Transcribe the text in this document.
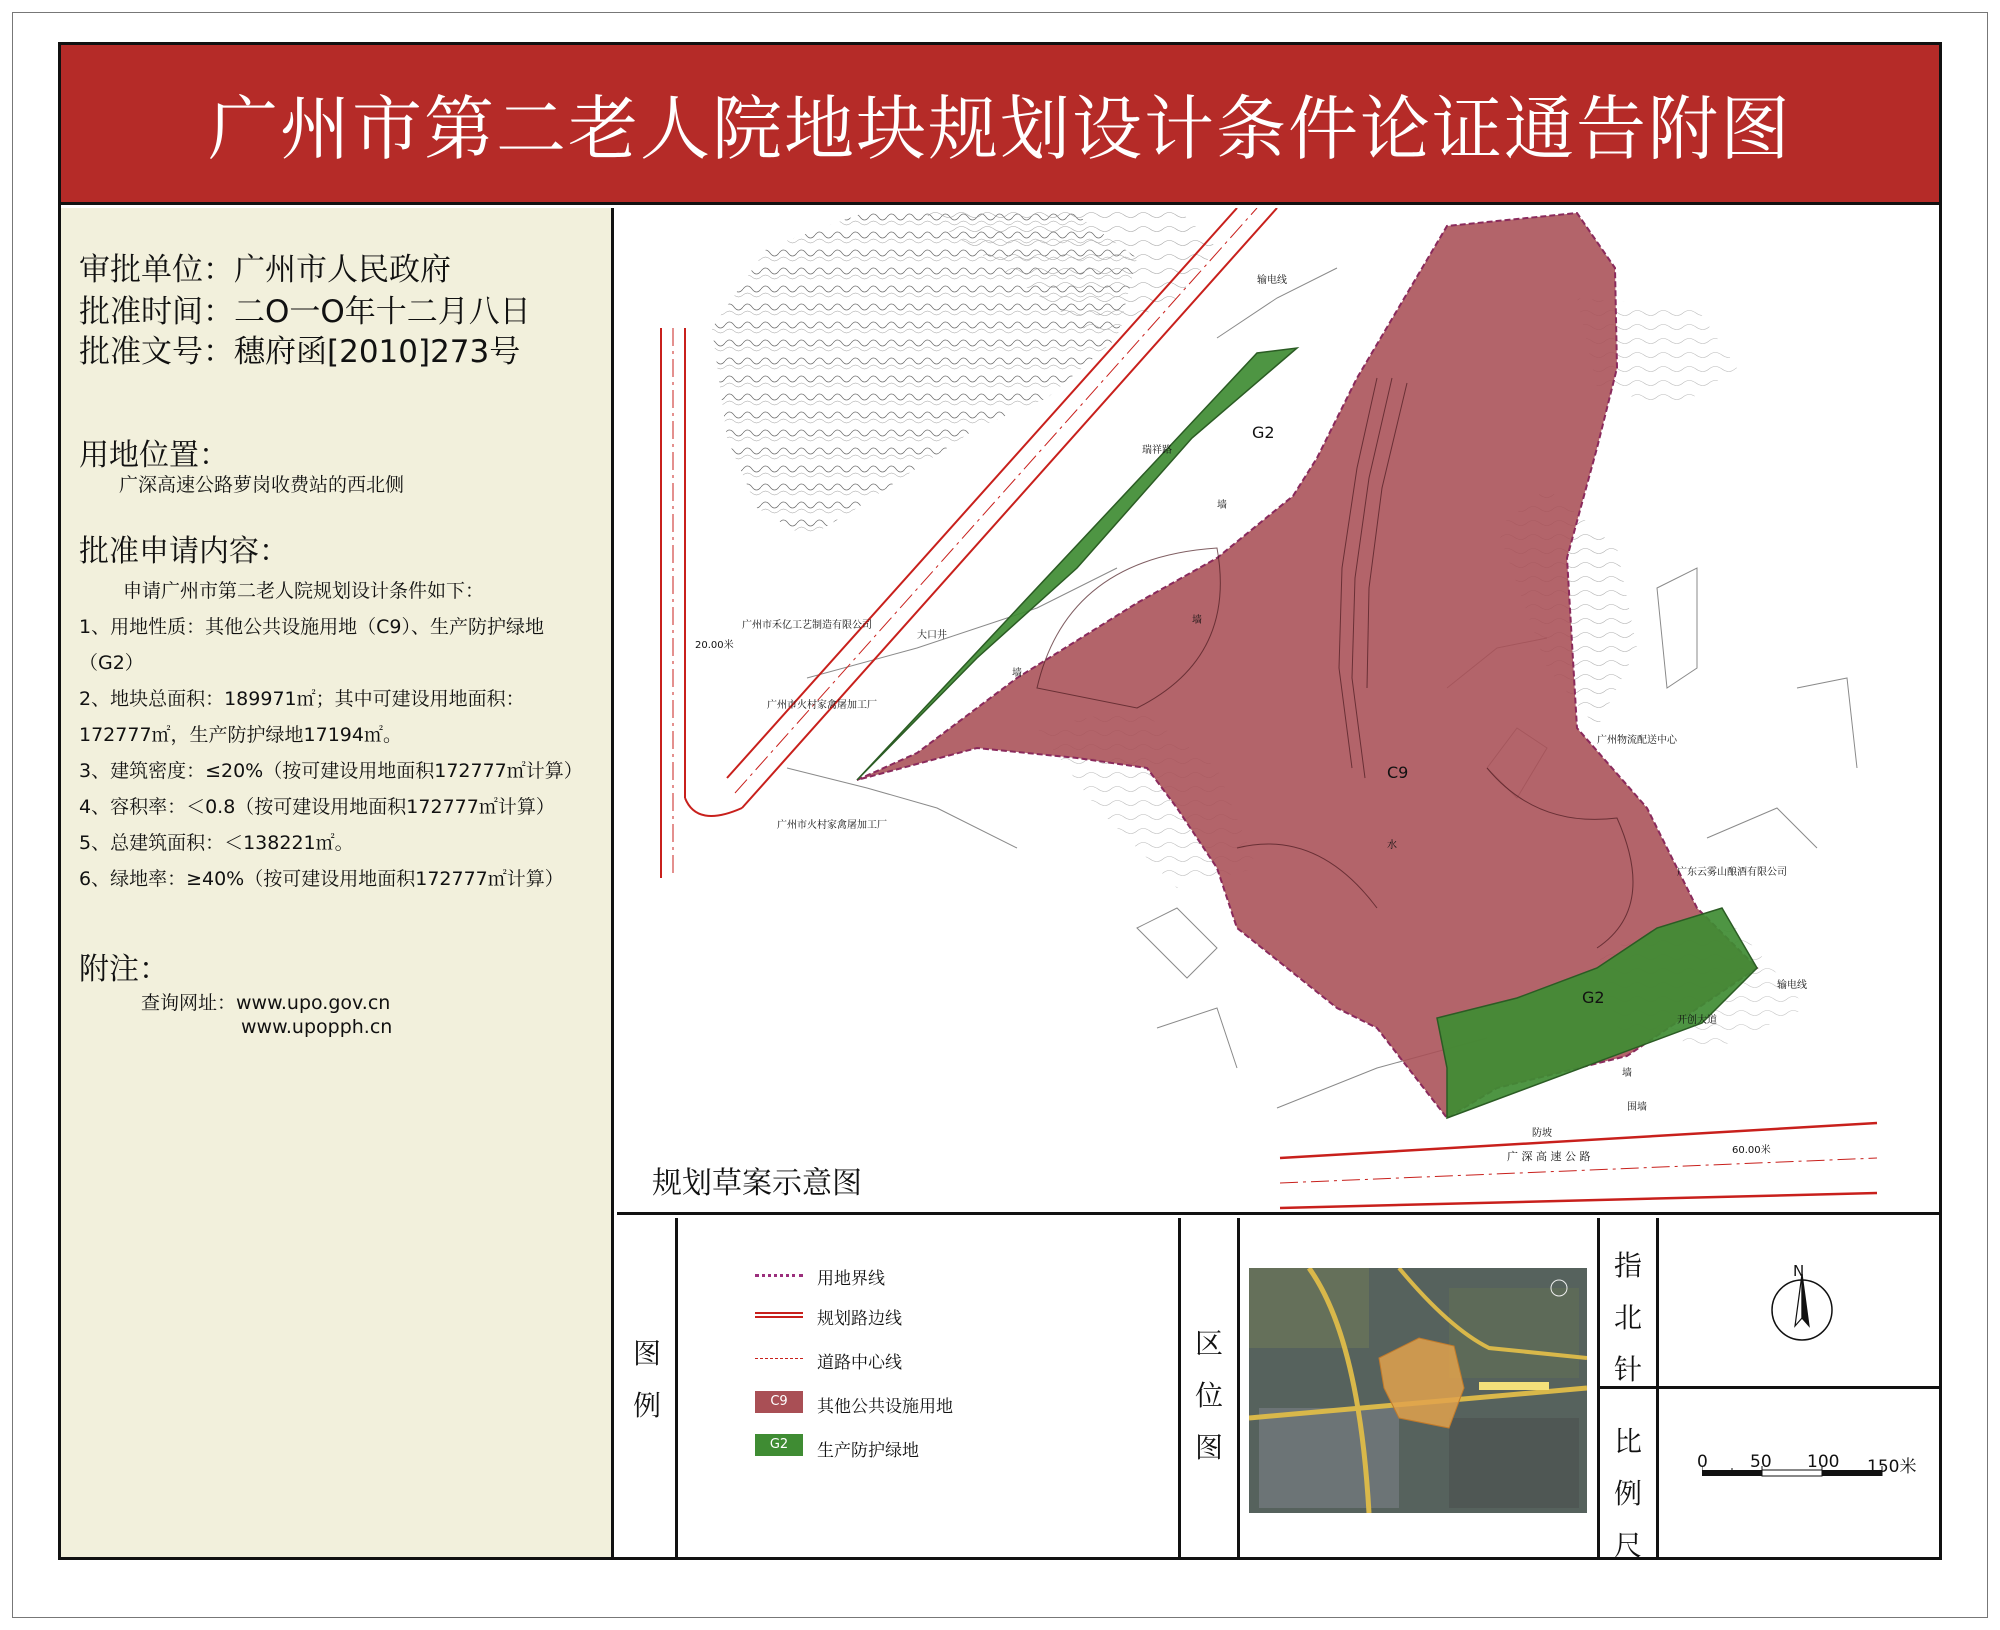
广州市第二老人院地块规划设计条件论证通告附图
审批单位：广州市人民政府
批准时间：二O一O年十二月八日
批准文号：穗府函[2010]273号
用地位置：
广深高速公路萝岗收费站的西北侧
批准申请内容：
申请广州市第二老人院规划设计条件如下：
1、用地性质：其他公共设施用地（C9）、生产防护绿地
（G2）
2、地块总面积：189971㎡；其中可建设用地面积：
172777㎡，生产防护绿地17194㎡。
3、建筑密度：≤20%（按可建设用地面积172777㎡计算）
4、容积率：＜0.8（按可建设用地面积172777㎡计算）
5、总建筑面积：＜138221㎡。
6、绿地率：≥40%（按可建设用地面积172777㎡计算）
附注：
查询网址：www.upo.gov.cn
www.upopph.cn
C9
G2
G2
广州市禾亿工艺制造有限公司
广州市火村家禽屠加工厂
广州市火村家禽屠加工厂
广州物流配送中心
广东云雾山酿酒有限公司
大口井
广 深 高 速 公 路
开创大道
输电线
输电线
20.00米
60.00米
瑞祥路
墙
墙
墙
墙
水
围墙
防坡
规划草案示意图
图 例
用地界线
规划路边线
道路中心线
C9	其他公共设施用地
G2	生产防护绿地
区 位 图
指 北 针
比 例 尺
N
0 50 100 150米
